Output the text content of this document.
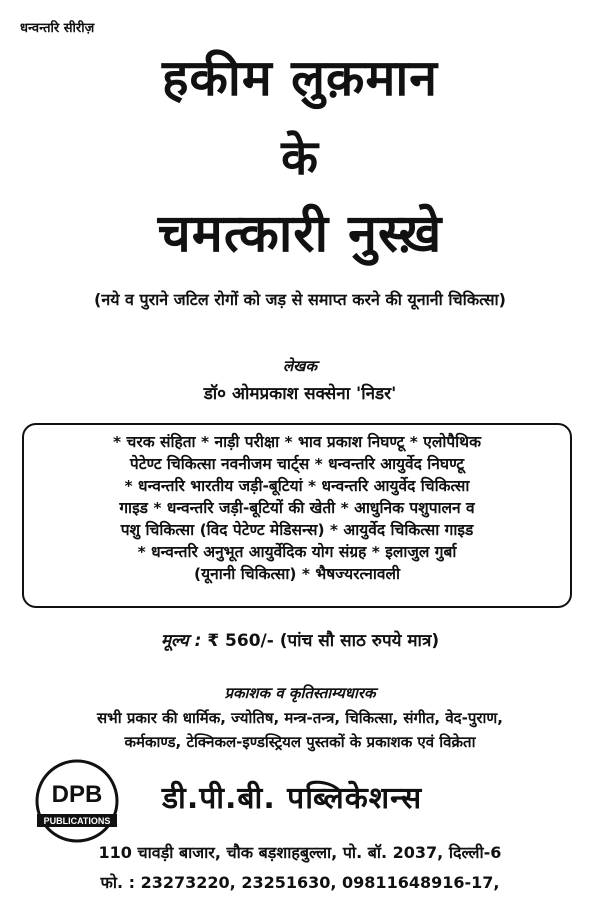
धन्वन्तरि सीरीज़
हकीम लुक़मान
के
चमत्कारी नुस्ख़े
(नये व पुराने जटिल रोगों को जड़ से समाप्त करने की यूनानी चिकित्सा)
लेखक
डॉ० ओमप्रकाश सक्सेना 'निडर'
* चरक संहिता * नाड़ी परीक्षा * भाव प्रकाश निघण्टू * एलोपैथिक
पेटेण्ट चिकित्सा नवनीजम चार्ट्स * धन्वन्तरि आयुर्वेद निघण्टू
* धन्वन्तरि भारतीय जड़ी-बूटियां * धन्वन्तरि आयुर्वेद चिकित्सा
गाइड * धन्वन्तरि जड़ी-बूटियों की खेती * आधुनिक पशुपालन व
पशु चिकित्सा (विद पेटेण्ट मेडिसन्स) * आयुर्वेद चिकित्सा गाइड
* धन्वन्तरि अनुभूत आयुर्वेदिक योग संग्रह * इलाजुल गुर्बा
(यूनानी चिकित्सा) * भैषज्यरत्नावली
मूल्य : ₹ 560/- (पांच सौ साठ रुपये मात्र)
प्रकाशक व कृतिस्ताम्यधारक
सभी प्रकार की धार्मिक, ज्योतिष, मन्त्र-तन्त्र, चिकित्सा, संगीत, वेद-पुराण,
कर्मकाण्ड, टेक्निकल-इण्डस्ट्रियल पुस्तकों के प्रकाशक एवं विक्रेता
DPB
PUBLICATIONS
डी.पी.बी. पब्लिकेशन्स
110 चावड़ी बाजार, चौक बड़शाहबुल्ला, पो. बॉ. 2037, दिल्ली-6
फो. : 23273220, 23251630, 09811648916-17,
